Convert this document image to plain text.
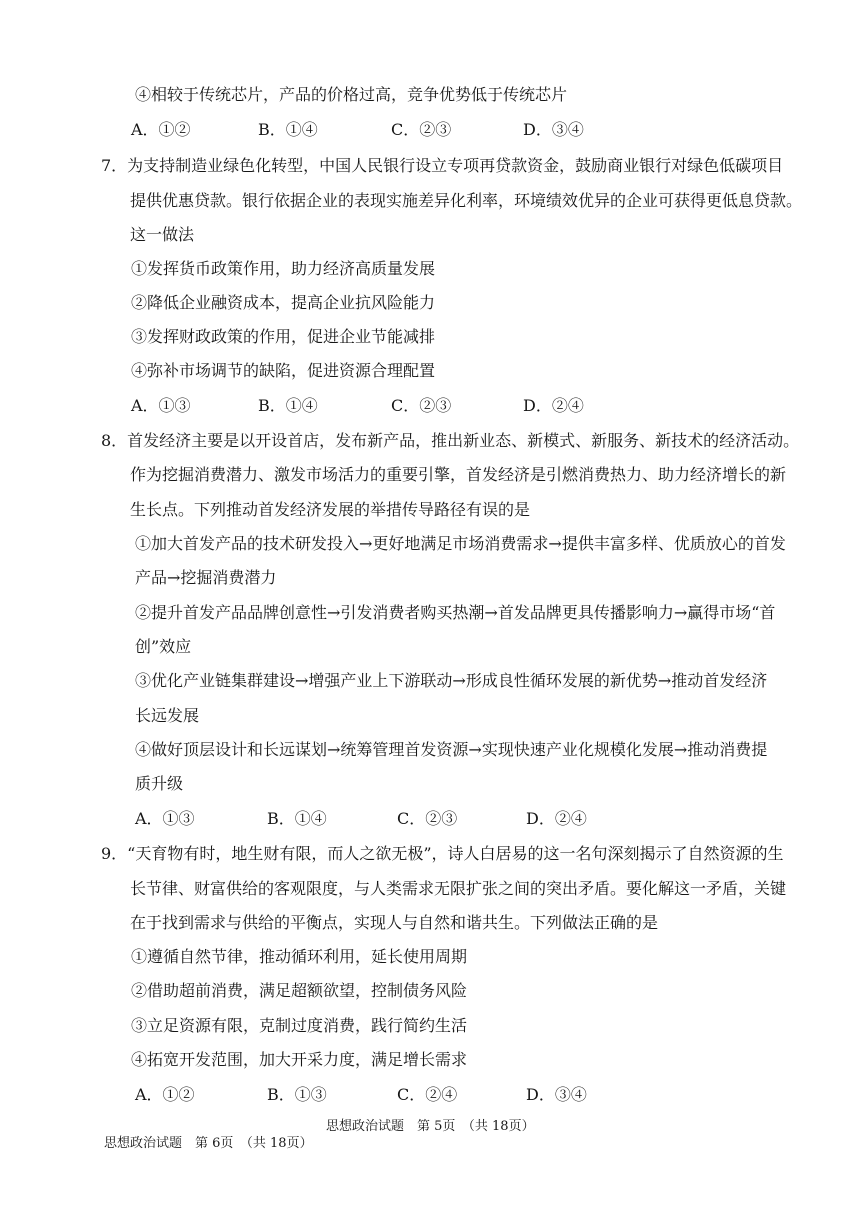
④相较于传统芯片，产品的价格过高，竞争优势低于传统芯片
A．①②	B．①④	C．②③	D．③④
7．为支持制造业绿色化转型，中国人民银行设立专项再贷款资金，鼓励商业银行对绿色低碳项目
提供优惠贷款。银行依据企业的表现实施差异化利率，环境绩效优异的企业可获得更低息贷款。
这一做法
①发挥货币政策作用，助力经济高质量发展
②降低企业融资成本，提高企业抗风险能力
③发挥财政政策的作用，促进企业节能减排
④弥补市场调节的缺陷，促进资源合理配置
A．①③	B．①④	C．②③	D．②④
8．首发经济主要是以开设首店，发布新产品，推出新业态、新模式、新服务、新技术的经济活动。
作为挖掘消费潜力、激发市场活力的重要引擎，首发经济是引燃消费热力、助力经济增长的新
生长点。下列推动首发经济发展的举措传导路径有误的是
①加大首发产品的技术研发投入→更好地满足市场消费需求→提供丰富多样、优质放心的首发
产品→挖掘消费潜力
②提升首发产品品牌创意性→引发消费者购买热潮→首发品牌更具传播影响力→赢得市场“首
创”效应
③优化产业链集群建设→增强产业上下游联动→形成良性循环发展的新优势→推动首发经济
长远发展
④做好顶层设计和长远谋划→统筹管理首发资源→实现快速产业化规模化发展→推动消费提
质升级
A．①③	B．①④	C．②③	D．②④
9．“天育物有时，地生财有限，而人之欲无极”，诗人白居易的这一名句深刻揭示了自然资源的生
长节律、财富供给的客观限度，与人类需求无限扩张之间的突出矛盾。要化解这一矛盾，关键
在于找到需求与供给的平衡点，实现人与自然和谐共生。下列做法正确的是
①遵循自然节律，推动循环利用，延长使用周期
②借助超前消费，满足超额欲望，控制债务风险
③立足资源有限，克制过度消费，践行简约生活
④拓宽开发范围，加大开采力度，满足增长需求
A．①②	B．①③	C．②④	D．③④
思想政治试题　第 5页　（共 18页）
思想政治试题　第 6页　（共 18页）
